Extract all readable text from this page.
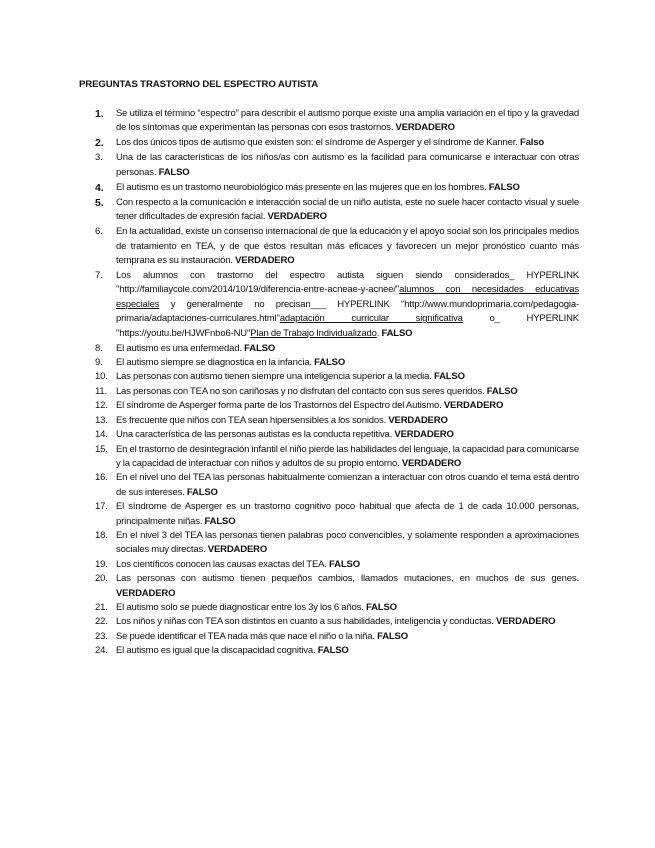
PREGUNTAS TRASTORNO DEL ESPECTRO AUTISTA
1.	Se utiliza el término “espectro” para describir el autismo porque existe una amplia variación en el tipo y la gravedad de los síntomas que experimentan las personas con esos trastornos. VERDADERO
2.	Los dos únicos tipos de autismo que existen son: el síndrome de Asperger y el síndrome de Kanner. Falso
3.	Una de las características de los niños/as con autismo es la facilidad para comunicarse e interactuar con otras personas. FALSO
4.	El autismo es un trastorno neurobiológico más presente en las mujeres que en los hombres. FALSO
5.	Con respecto a la comunicación e interacción social de un niño autista, este no suele hacer contacto visual y suele tener dificultades de expresión facial. VERDADERO
6.	En la actualidad, existe un consenso internacional de que la educación y el apoyo social son los principales medios de tratamiento en TEA, y de que éstos resultan más eficaces y favorecen un mejor pronóstico cuanto más temprana es su instauración. VERDADERO
7.	Los alumnos con trastorno del espectro autista siguen siendo considerados_ HYPERLINK "http://familiaycole.com/2014/10/19/diferencia-entre-acneae-y-acnee/"alumnos con necesidades educativas especiales y generalmente no precisan___ HYPERLINK "http://www.mundoprimaria.com/pedagogia-primaria/adaptaciones-curriculares.html"adaptación curricular significativa o_ HYPERLINK "https://youtu.be/HJWFnbo6-NU"Plan de Trabajo Individualizado. FALSO
8.	El autismo es una enfermedad. FALSO
9.	El autismo siempre se diagnostica en la infancia. FALSO
10. Las personas con autismo tienen siempre una inteligencia superior a la media. FALSO
11. Las personas con TEA no son cariñosas y no disfrutan del contacto con sus seres queridos. FALSO
12. El síndrome de Asperger forma parte de los Trastornos del Espectro del Autismo. VERDADERO
13. Es frecuente que niños con TEA sean hipersensibles a los sonidos. VERDADERO
14. Una característica de las personas autistas es la conducta repetitiva. VERDADERO
15. En el trastorno de desintegración infantil el niño pierde las habilidades del lenguaje, la capacidad para comunicarse y la capacidad de interactuar con niños y adultos de su propio entorno. VERDADERO
16. En el nivel uno del TEA las personas habitualmente comienzan a interactuar con otros cuando el tema está dentro de sus intereses. FALSO
17. El síndrome de Asperger es un trastorno cognitivo poco habitual que afecta de 1 de cada 10.000 personas, principalmente niñas. FALSO
18. En el nivel 3 del TEA las personas tienen palabras poco convencibles, y solamente responden a aproximaciones sociales muy directas. VERDADERO
19. Los científicos conocen las causas exactas del TEA. FALSO
20. Las personas con autismo tienen pequeños cambios, llamados mutaciones, en muchos de sus genes. VERDADERO
21. El autismo solo se puede diagnosticar entre los 3y los 6 años. FALSO
22. Los niños y niñas con TEA son distintos en cuanto a sus habilidades, inteligencia y conductas. VERDADERO
23. Se puede identificar el TEA nada más que nace el niño o la niña. FALSO
24. El autismo es igual que la discapacidad cognitiva. FALSO
